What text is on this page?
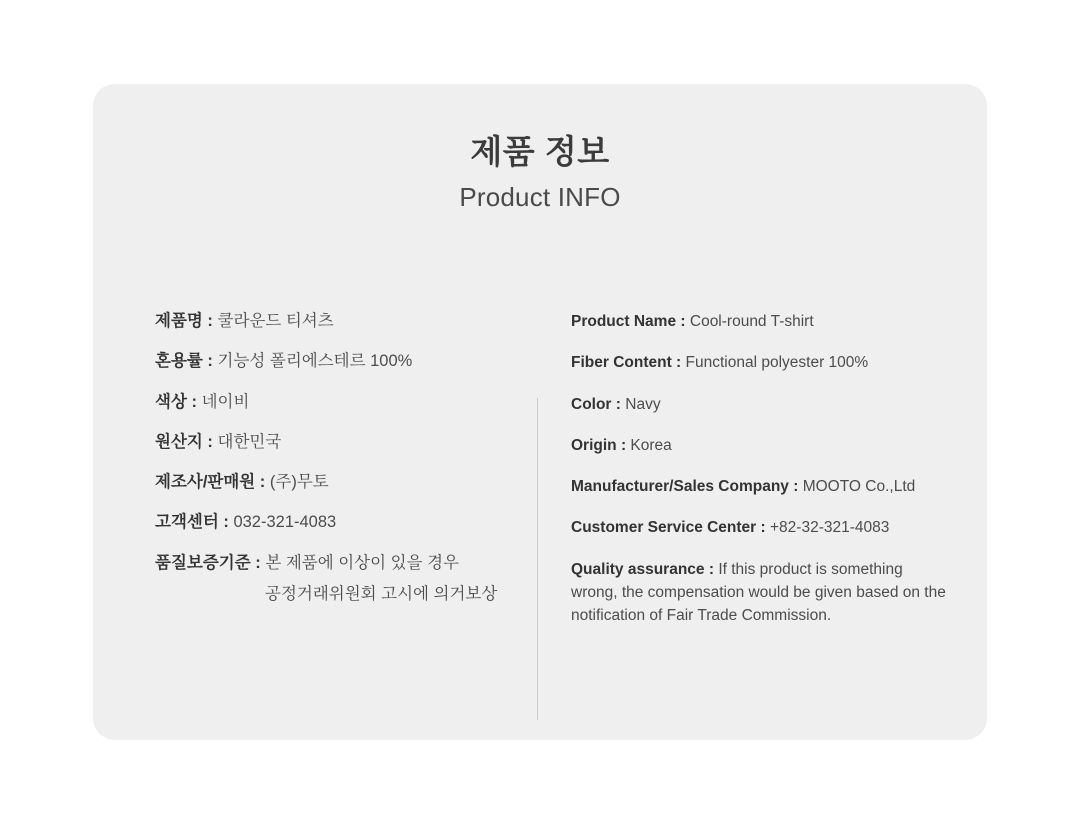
제품 정보
Product INFO
제품명 : 쿨라운드 티셔츠
혼용률 : 기능성 폴리에스테르 100%
색상 : 네이비
원산지 : 대한민국
제조사/판매원 : (주)무토
고객센터 : 032-321-4083
품질보증기준 : 본 제품에 이상이 있을 경우
공정거래위원회 고시에 의거보상
Product Name : Cool-round T-shirt
Fiber Content : Functional polyester 100%
Color : Navy
Origin : Korea
Manufacturer/Sales Company : MOOTO Co.,Ltd
Customer Service Center : +82-32-321-4083
Quality assurance : If this product is something wrong, the compensation would be given based on the notification of Fair Trade Commission.
